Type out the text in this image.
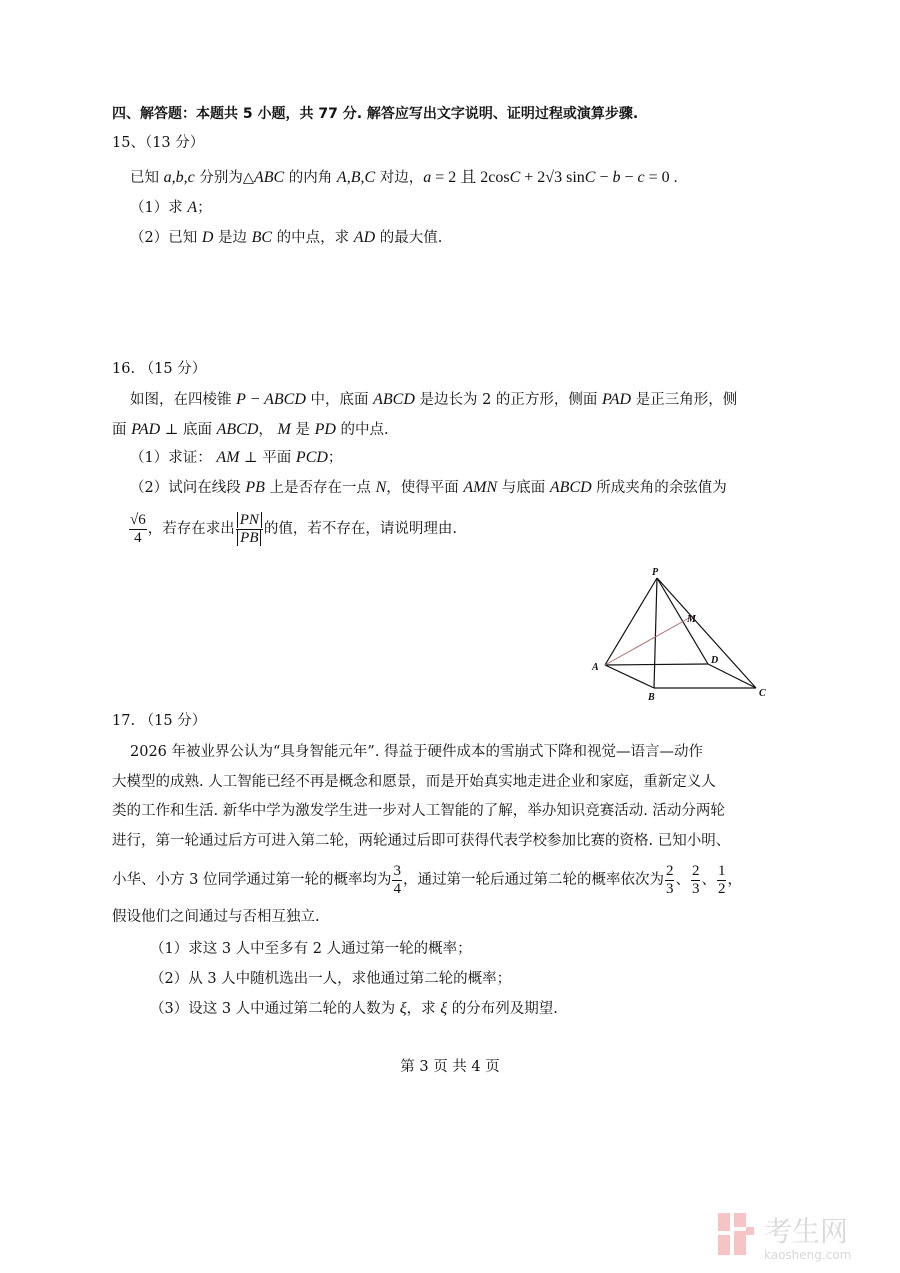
四、解答题：本题共 5 小题，共 77 分. 解答应写出文字说明、证明过程或演算步骤.
15、（13 分）
已知 a,b,c 分别为△ABC 的内角 A,B,C 对边，a = 2 且 2cosC + 2√3 sinC − b − c = 0 .
（1）求 A；
（2）已知 D 是边 BC 的中点，求 AD 的最大值.
16. （15 分）
如图，在四棱锥 P − ABCD 中，底面 ABCD 是边长为 2 的正方形，侧面 PAD 是正三角形，侧
面 PAD ⊥ 底面 ABCD， M 是 PD 的中点.
（1）求证： AM ⊥ 平面 PCD；
（2）试问在线段 PB 上是否存在一点 N，使得平面 AMN 与底面 ABCD 所成夹角的余弦值为
$\frac{√6}{4}$ ，若存在求出 $\frac{PN}{PB}$ 的值，若不存在，请说明理由.
P
M
A
B	C
D
17. （15 分）
2026 年被业界公认为“具身智能元年”. 得益于硬件成本的雪崩式下降和视觉—语言—动作
大模型的成熟. 人工智能已经不再是概念和愿景，而是开始真实地走进企业和家庭，重新定义人
类的工作和生活. 新华中学为激发学生进一步对人工智能的了解，举办知识竞赛活动. 活动分两轮
进行，第一轮通过后方可进入第二轮，两轮通过后即可获得代表学校参加比赛的资格. 已知小明、
小华、小方 3 位同学通过第一轮的概率均为 $\frac{3}{4}$ ，通过第一轮后通过第二轮的概率依次为 $\frac{2}{3}$ 、 $\frac{2}{3}$ 、 $\frac{1}{2}$ ，
假设他们之间通过与否相互独立.
（1）求这 3 人中至多有 2 人通过第一轮的概率；
（2）从 3 人中随机选出一人，求他通过第二轮的概率；
（3）设这 3 人中通过第二轮的人数为 ξ，求 ξ 的分布列及期望.
第 3 页 共 4 页
考生网
kaosheng.com
